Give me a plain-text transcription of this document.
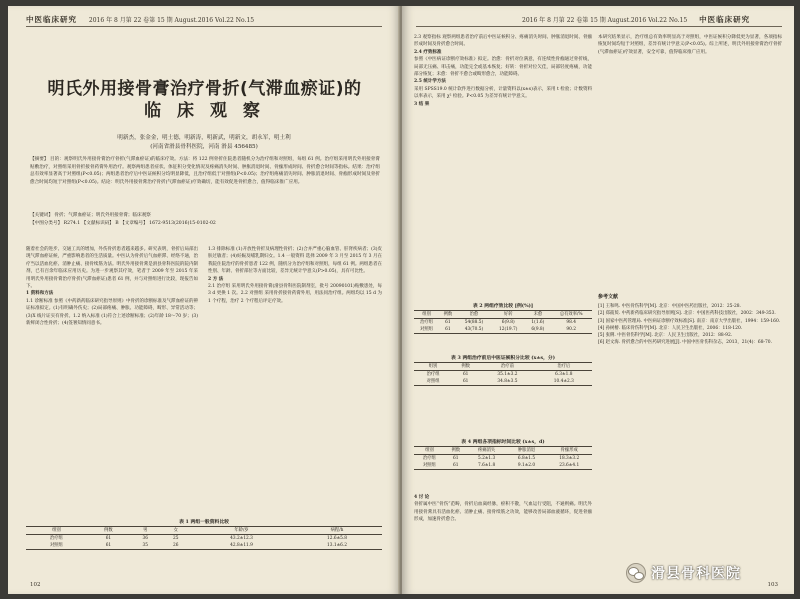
中医临床研究 2016 年 8 月第 22 卷第 15 期 August.2016 Vol.22 No.15
明氏外用接骨膏治疗骨折(气滞血瘀证)的
临 床 观 察
明新杰，张金金，明土德，明新涛，明新武，明新文，胡永军，明土利
(河南省滑县骨科医院，河南 滑县 456485)
【摘要】 目的：观察明氏外用接骨膏治疗骨折(气滞血瘀证)的临床疗效。方法：将 122 例骨折住院患者随机分为治疗组和对照组，每组 61 例。治疗组采用明氏外用接骨膏贴敷治疗，对照组采用骨折接骨药膏外用治疗。观察两组患者症状、体征积分变化情况及疼痛消失时间、肿胀消退时间、骨痂形成时间、骨折愈合时间等指标。结果：治疗组总有效率显著高于对照组(P<0.05)；两组患者治疗后中医证候积分均明显降低，且治疗组低于对照组(P<0.05)；治疗组疼痛消失时间、肿胀消退时间、骨痂形成时间及骨折愈合时间均短于对照组(P<0.05)。结论：明氏外用接骨膏治疗骨折(气滞血瘀证)疗效确切，能有效促进骨折愈合，值得临床推广应用。
【关键词】 骨折；气滞血瘀证；明氏外用接骨膏；临床观察
【中图分类号】 R274.1 【文献标识码】 B 【文章编号】 1672-9513(2016)15-0102-02
随着社会的进步、交通工具的增加，外伤骨折患者越来越多。研究表明，骨折后局部出现气滞血瘀证候，严重影响患者的生活质量。中医认为骨折后气血瘀滞、经络不通，治疗当以活血化瘀、消肿止痛、接骨续筋为法。明氏外用接骨膏是滑县骨科医院的院内制剂，已有百余年临床应用历史。为进一步观察其疗效，笔者于 2009 年至 2015 年采用明氏外用接骨膏治疗骨折(气滞血瘀证)患者 61 例，并与对照组进行比较，现报告如下。
1 资料和方法
1.1 诊断标准 参照《中药新药临床研究指导原则》中骨折的诊断标准及气滞血瘀证的辨证标准拟定。(1)有明确外伤史；(2)局部疼痛、肿胀、功能障碍，畸形、异常活动等；(3)X 线片证实有骨折。1.2 纳入标准 (1)符合上述诊断标准；(2)年龄 18～70 岁；(3)新鲜闭合性骨折；(4)签署知情同意书。
1.3 排除标准 (1)开放性骨折及病理性骨折；(2)合并严重心脑血管、肝肾疾病者；(3)皮肤过敏者；(4)妊娠及哺乳期妇女。1.4 一般资料 选择 2009 年 3 月至 2015 年 3 月在我院住院治疗的骨折患者 122 例，随机分为治疗组和对照组，每组 61 例。两组患者在性别、年龄、骨折部位等方面比较，差异无统计学意义(P>0.05)，具有可比性。
2 方 法
2.1 治疗组 采用明氏外用接骨膏(滑县骨科医院制剂室，批号 20090101)贴敷患处，每 3 d 更换 1 次。2.2 对照组 采用骨折接骨药膏外用，用法同治疗组。两组均以 15 d 为 1 个疗程，治疗 2 个疗程后评定疗效。
表 1 两组一般资料比较
组别	例数	男	女	年龄/岁	病程/h
治疗组	61	36	25	43.2±12.3	12.6±5.8
对照组	61	35	26	42.8±11.9	13.1±6.2
102
2016 年 8 月第 22 卷第 15 期 August.2016 Vol.22 No.15 中医临床研究
2.3 观察指标 观察两组患者治疗前后中医证候积分、疼痛消失时间、肿胀消退时间、骨痂形成时间及骨折愈合时间。
2.4 疗效标准
参照《中医病证诊断疗效标准》拟定。治愈：骨折对位满意，有连续性骨痂通过骨折线，局部无压痛、叩击痛，功能完全或基本恢复；好转：骨折对位欠佳，局部轻度疼痛，功能部分恢复；未愈：骨折不愈合或畸形愈合，功能障碍。
2.5 统计学方法
采用 SPSS19.0 统计软件进行数据分析，计量资料以(x±s)表示，采用 t 检验；计数资料以率表示，采用 χ² 检验。P<0.05 为差异有统计学意义。
3 结 果
表 2 两组疗效比较 [例(%)]
组别	例数	治愈	好转	未愈	总有效率/%
治疗组	61	54(88.5)	6(9.8)	1(1.6)	98.4
对照组	61	43(70.5)	12(19.7)	6(9.8)	90.2
表 3 两组治疗前后中医证候积分比较 (x±s，分)
组别	例数	治疗前	治疗后
治疗组	61	35.1±3.2	6.3±1.8
对照组	61	34.8±3.5	10.4±2.3
表 4 两组各项指标时间比较 (x±s，d)
组别	例数	疼痛消失	肿胀消退	骨痂形成
治疗组	61	5.2±1.3	6.8±1.5	18.3±3.2
对照组	61	7.6±1.8	9.1±2.0	23.6±4.1
4 讨 论
骨折属中医“骨伤”范畴，骨折后血离经脉，瘀积不散，气血运行受阻，不通则痛。明氏外用接骨膏具有活血化瘀、消肿止痛、接骨续筋之功效，能够改善局部血液循环，促进骨痂形成，加速骨折愈合。
本研究结果显示，治疗组总有效率明显高于对照组，中医证候积分降低更为显著，各项指标恢复时间均短于对照组，差异有统计学意义(P<0.05)。综上所述，明氏外用接骨膏治疗骨折(气滞血瘀证)疗效显著，安全可靠，值得临床推广应用。
参考文献
[1] 王和鸣. 中医骨伤科学[M]. 北京：中国中医药出版社，2012：25-28.
[2] 郑筱萸. 中药新药临床研究指导原则[S]. 北京：中国医药科技出版社，2002：349-353.
[3] 国家中医药管理局. 中医病证诊断疗效标准[S]. 南京：南京大学出版社，1994：159-160.
[4] 孙树椿. 临床骨伤科学[M]. 北京：人民卫生出版社，2006：118-120.
[5] 张俐. 中医骨伤科学[M]. 北京：人民卫生出版社，2012：88-92.
[6] 赵文海. 骨折愈合的中医药研究进展[J]. 中国中医骨伤科杂志，2013，21(4)：68-70.
103
滑县骨科医院
